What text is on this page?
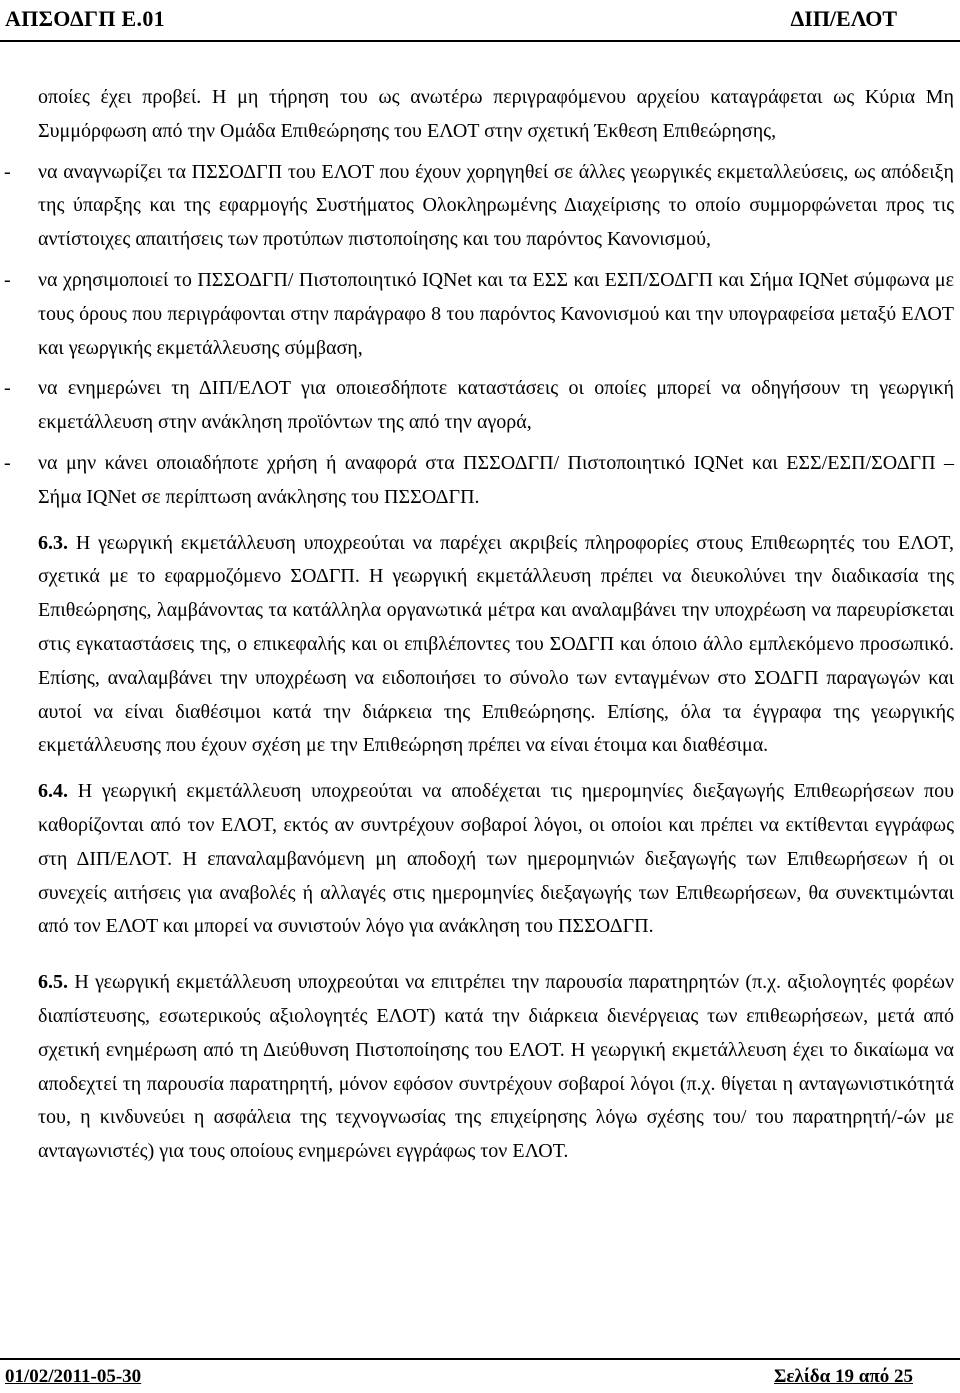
ΑΠΣΟΔΓΠ Ε.01	ΔΙΠ/ΕΛΟΤ

οποίες έχει προβεί. Η μη τήρηση του ως ανωτέρω περιγραφόμενου αρχείου καταγράφεται ως Κύρια Μη Συμμόρφωση από την Ομάδα Επιθεώρησης του ΕΛΟΤ στην σχετική Έκθεση Επιθεώρησης,

- να αναγνωρίζει τα ΠΣΣΟΔΓΠ του ΕΛΟΤ που έχουν χορηγηθεί σε άλλες γεωργικές εκμεταλλεύσεις, ως απόδειξη της ύπαρξης και της εφαρμογής Συστήματος Ολοκληρωμένης Διαχείρισης το οποίο συμμορφώνεται προς τις αντίστοιχες απαιτήσεις των προτύπων πιστοποίησης και του παρόντος Κανονισμού,
- να χρησιμοποιεί το ΠΣΣΟΔΓΠ/ Πιστοποιητικό IQNet και τα ΕΣΣ και ΕΣΠ/ΣΟΔΓΠ και Σήμα IQNet σύμφωνα με τους όρους που περιγράφονται στην παράγραφο 8 του παρόντος Κανονισμού και την υπογραφείσα μεταξύ ΕΛΟΤ και γεωργικής εκμετάλλευσης σύμβαση,
- να ενημερώνει τη ΔΙΠ/ΕΛΟΤ για οποιεσδήποτε καταστάσεις οι οποίες μπορεί να οδηγήσουν τη γεωργική εκμετάλλευση στην ανάκληση προϊόντων της από την αγορά,
- να μην κάνει οποιαδήποτε χρήση ή αναφορά στα ΠΣΣΟΔΓΠ/ Πιστοποιητικό IQNet και ΕΣΣ/ΕΣΠ/ΣΟΔΓΠ – Σήμα IQNet σε περίπτωση ανάκλησης του ΠΣΣΟΔΓΠ.

6.3. Η γεωργική εκμετάλλευση υποχρεούται να παρέχει ακριβείς πληροφορίες στους Επιθεωρητές του ΕΛΟΤ, σχετικά με το εφαρμοζόμενο ΣΟΔΓΠ. Η γεωργική εκμετάλλευση πρέπει να διευκολύνει την διαδικασία της Επιθεώρησης, λαμβάνοντας τα κατάλληλα οργανωτικά μέτρα και αναλαμβάνει την υποχρέωση να παρευρίσκεται στις εγκαταστάσεις της, ο επικεφαλής και οι επιβλέποντες του ΣΟΔΓΠ και όποιο άλλο εμπλεκόμενο προσωπικό. Επίσης, αναλαμβάνει την υποχρέωση να ειδοποιήσει το σύνολο των ενταγμένων στο ΣΟΔΓΠ παραγωγών και αυτοί να είναι διαθέσιμοι κατά την διάρκεια της Επιθεώρησης. Επίσης, όλα τα έγγραφα της γεωργικής εκμετάλλευσης που έχουν σχέση με την Επιθεώρηση πρέπει να είναι έτοιμα και διαθέσιμα.

6.4. Η γεωργική εκμετάλλευση υποχρεούται να αποδέχεται τις ημερομηνίες διεξαγωγής Επιθεωρήσεων που καθορίζονται από τον ΕΛΟΤ, εκτός αν συντρέχουν σοβαροί λόγοι, οι οποίοι και πρέπει να εκτίθενται εγγράφως στη ΔΙΠ/ΕΛΟΤ. Η επαναλαμβανόμενη μη αποδοχή των ημερομηνιών διεξαγωγής των Επιθεωρήσεων ή οι συνεχείς αιτήσεις για αναβολές ή αλλαγές στις ημερομηνίες διεξαγωγής των Επιθεωρήσεων, θα συνεκτιμώνται από τον ΕΛΟΤ και μπορεί να συνιστούν λόγο για ανάκληση του ΠΣΣΟΔΓΠ.

6.5. Η γεωργική εκμετάλλευση υποχρεούται να επιτρέπει την παρουσία παρατηρητών (π.χ. αξιολογητές φορέων διαπίστευσης, εσωτερικούς αξιολογητές ΕΛΟΤ) κατά την διάρκεια διενέργειας των επιθεωρήσεων, μετά από σχετική ενημέρωση από τη Διεύθυνση Πιστοποίησης του ΕΛΟΤ. Η γεωργική εκμετάλλευση έχει το δικαίωμα να αποδεχτεί τη παρουσία παρατηρητή, μόνον εφόσον συντρέχουν σοβαροί λόγοι (π.χ. θίγεται η ανταγωνιστικότητά του, η κινδυνεύει η ασφάλεια της τεχνογνωσίας της επιχείρησης λόγω σχέσης του/ του παρατηρητή/-ών με ανταγωνιστές) για τους οποίους ενημερώνει εγγράφως τον ΕΛΟΤ.

01/02/2011-05-30	Σελίδα 19 από 25
